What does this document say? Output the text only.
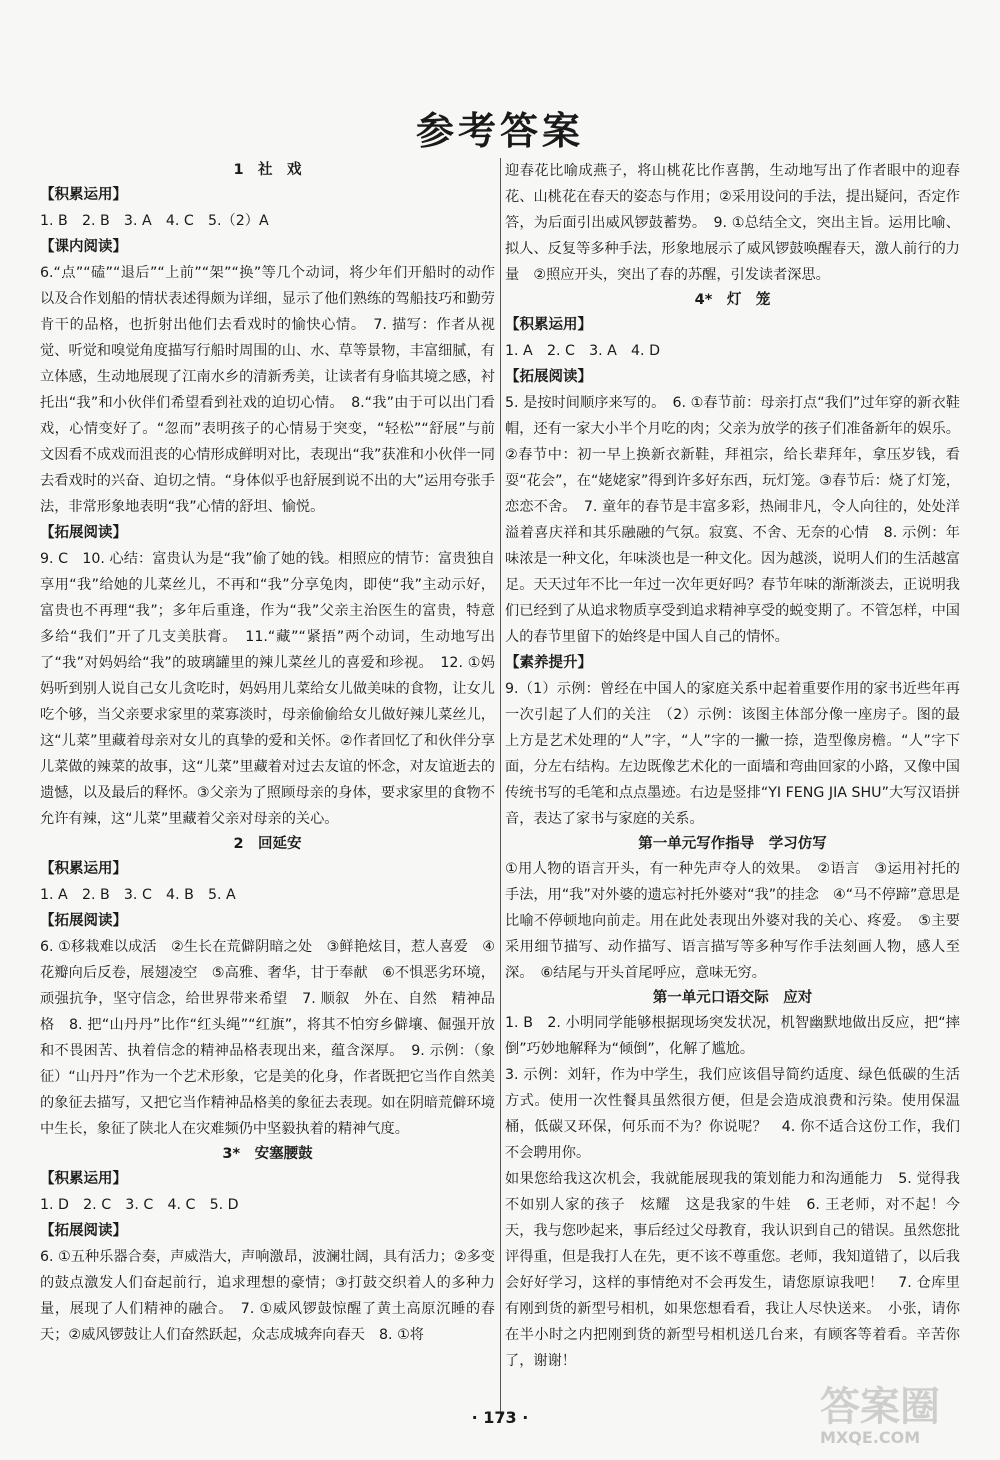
参考答案
1　社　戏
【积累运用】
1. B　2. B　3. A　4. C　5.（2）A
【课内阅读】
6.“点”“磕”“退后”“上前”“架”“换”等几个动词，将少年们开船时的动作以及合作划船的情状表述得颇为详细，显示了他们熟练的驾船技巧和勤劳肯干的品格，也折射出他们去看戏时的愉快心情。　7. 描写：作者从视觉、听觉和嗅觉角度描写行船时周围的山、水、草等景物，丰富细腻，有立体感，生动地展现了江南水乡的清新秀美，让读者有身临其境之感，衬托出“我”和小伙伴们希望看到社戏的迫切心情。　8.“我”由于可以出门看戏，心情变好了。“忽而”表明孩子的心情易于突变，“轻松”“舒展”与前文因看不成戏而沮丧的心情形成鲜明对比，表现出“我”获准和小伙伴一同去看戏时的兴奋、迫切之情。“身体似乎也舒展到说不出的大”运用夸张手法，非常形象地表明“我”心情的舒坦、愉悦。
【拓展阅读】
9. C　10. 心结：富贵认为是“我”偷了她的钱。相照应的情节：富贵独自享用“我”给她的儿菜丝儿，不再和“我”分享兔肉，即使“我”主动示好，富贵也不再理“我”；多年后重逢，作为“我”父亲主治医生的富贵，特意多给“我们”开了几支美肤膏。　11.“藏”“紧捂”两个动词，生动地写出了“我”对妈妈给“我”的玻璃罐里的辣儿菜丝儿的喜爱和珍视。　12. ①妈妈听到别人说自己女儿贪吃时，妈妈用儿菜给女儿做美味的食物，让女儿吃个够，当父亲要求家里的菜寡淡时，母亲偷偷给女儿做好辣儿菜丝儿，这“儿菜”里藏着母亲对女儿的真挚的爱和关怀。②作者回忆了和伙伴分享儿菜做的辣菜的故事，这“儿菜”里藏着对过去友谊的怀念，对友谊逝去的遗憾，以及最后的释怀。③父亲为了照顾母亲的身体，要求家里的食物不允许有辣，这“儿菜”里藏着父亲对母亲的关心。
2　回延安
【积累运用】
1. A　2. B　3. C　4. B　5. A
【拓展阅读】
6. ①移栽难以成活　②生长在荒僻阴暗之处　③鲜艳炫目，惹人喜爱　④花瓣向后反卷，展翅凌空　⑤高雅、奢华，甘于奉献　⑥不惧恶劣环境，顽强抗争，坚守信念，给世界带来希望　7. 顺叙　外在、自然　精神品格　8. 把“山丹丹”比作“红头绳”“红旗”，将其不怕穷乡僻壤、倔强开放和不畏困苦、执着信念的精神品格表现出来，蕴含深厚。　9. 示例：（象征）“山丹丹”作为一个艺术形象，它是美的化身，作者既把它当作自然美的象征去描写，又把它当作精神品格美的象征去表现。如在阴暗荒僻环境中生长，象征了陕北人在灾难频仍中坚毅执着的精神气度。
3*　安塞腰鼓
【积累运用】
1. D　2. C　3. C　4. C　5. D
【拓展阅读】
6. ①五种乐器合奏，声威浩大，声响激昂，波澜壮阔，具有活力；②多变的鼓点激发人们奋起前行，追求理想的豪情；③打鼓交织着人的多种力量，展现了人们精神的融合。　7. ①威风锣鼓惊醒了黄土高原沉睡的春天；②威风锣鼓让人们奋然跃起，众志成城奔向春天　8. ①将
迎春花比喻成燕子，将山桃花比作喜鹊，生动地写出了作者眼中的迎春花、山桃花在春天的姿态与作用；②采用设问的手法，提出疑问，否定作答，为后面引出威风锣鼓蓄势。　9. ①总结全文，突出主旨。运用比喻、拟人、反复等多种手法，形象地展示了威风锣鼓唤醒春天，激人前行的力量　②照应开头，突出了春的苏醒，引发读者深思。
4*　灯　笼
【积累运用】
1. A　2. C　3. A　4. D
【拓展阅读】
5. 是按时间顺序来写的。　6. ①春节前：母亲打点“我们”过年穿的新衣鞋帽，还有一家大小半个月吃的肉；父亲为放学的孩子们准备新年的娱乐。②春节中：初一早上换新衣新鞋，拜祖宗，给长辈拜年，拿压岁钱，看耍“花会”，在“姥姥家”得到许多好东西，玩灯笼。③春节后：烧了灯笼，恋恋不舍。　7. 童年的春节是丰富多彩，热闹非凡，令人向往的，处处洋溢着喜庆祥和其乐融融的气氛。寂寞、不舍、无奈的心情　8. 示例：年味浓是一种文化，年味淡也是一种文化。因为越淡，说明人们的生活越富足。天天过年不比一年过一次年更好吗？春节年味的渐渐淡去，正说明我们已经到了从追求物质享受到追求精神享受的蜕变期了。不管怎样，中国人的春节里留下的始终是中国人自己的情怀。
【素养提升】
9.（1）示例：曾经在中国人的家庭关系中起着重要作用的家书近些年再一次引起了人们的关注　（2）示例：该图主体部分像一座房子。图的最上方是艺术处理的“人”字，“人”字的一撇一捺，造型像房檐。“人”字下面，分左右结构。左边既像艺术化的一面墙和弯曲回家的小路，又像中国传统书写的毛笔和点点墨迹。右边是竖排“YI FENG JIA SHU”大写汉语拼音，表达了家书与家庭的关系。
第一单元写作指导　学习仿写
①用人物的语言开头，有一种先声夺人的效果。　②语言　③运用衬托的手法，用“我”对外婆的遗忘衬托外婆对“我”的挂念　④“马不停蹄”意思是比喻不停顿地向前走。用在此处表现出外婆对我的关心、疼爱。　⑤主要采用细节描写、动作描写、语言描写等多种写作手法刻画人物，感人至深。　⑥结尾与开头首尾呼应，意味无穷。
第一单元口语交际　应对
1. B　2. 小明同学能够根据现场突发状况，机智幽默地做出反应，把“摔倒”巧妙地解释为“倾倒”，化解了尴尬。
3. 示例：刘轩，作为中学生，我们应该倡导简约适度、绿色低碳的生活方式。使用一次性餐具虽然很方便，但是会造成浪费和污染。使用保温桶，低碳又环保，何乐而不为？你说呢？　4. 你不适合这份工作，我们不会聘用你。
如果您给我这次机会，我就能展现我的策划能力和沟通能力　5. 觉得我不如别人家的孩子　炫耀　这是我家的牛娃　6. 王老师，对不起！今天，我与您吵起来，事后经过父母教育，我认识到自己的错误。虽然您批评得重，但是我打人在先，更不该不尊重您。老师，我知道错了，以后我会好好学习，这样的事情绝对不会再发生，请您原谅我吧！　7. 仓库里有刚到货的新型号相机，如果您想看看，我让人尽快送来。　小张，请你在半小时之内把刚到货的新型号相机送几台来，有顾客等着看。辛苦你了，谢谢！
· 173 ·	答案圈
MXQE.COM
